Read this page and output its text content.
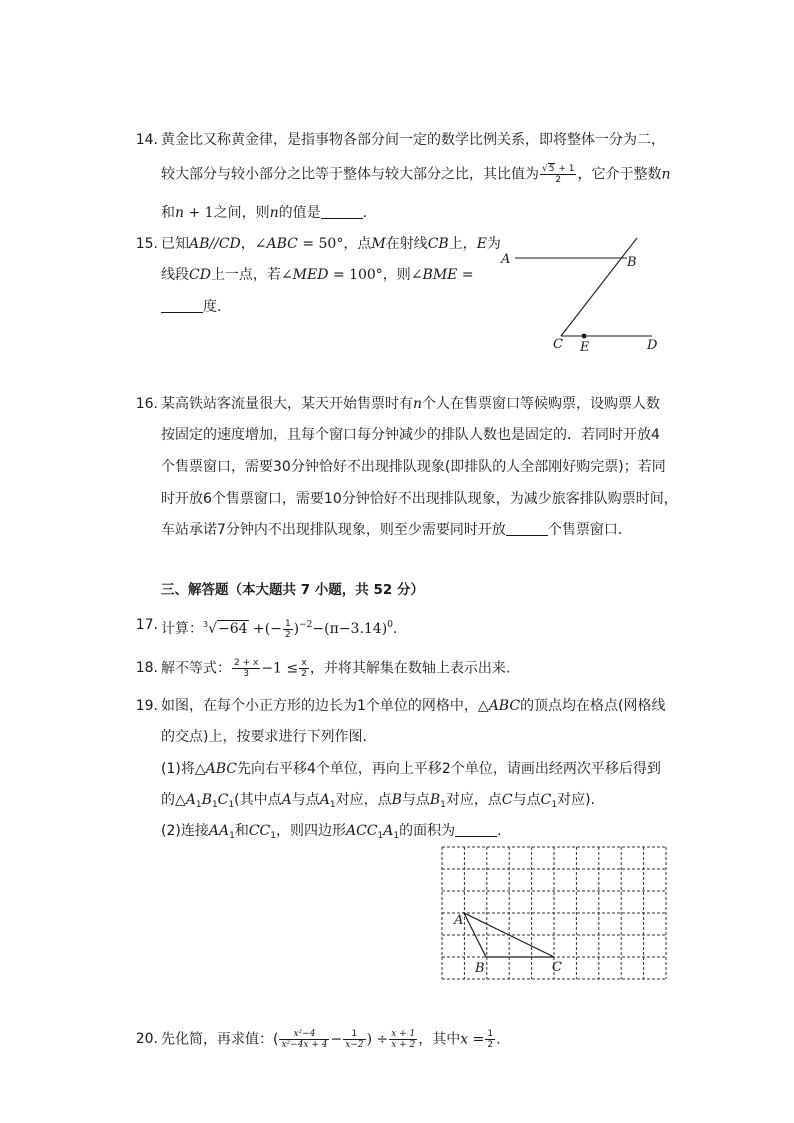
14. 黄金比又称黄金律，是指事物各部分间一定的数学比例关系，即将整体一分为二，
较大部分与较小部分之比等于整体与较大部分之比，其比值为 $\frac{√5 + 1}{2}$ ，它介于整数n
和n + 1之间，则n的值是	.
15. 已知AB//CD，∠ABC = 50°，点M在射线CB上，E为
线段CD上一点，若∠MED = 100°，则∠BME =
度.
A	B
C E	D
16. 某高铁站客流量很大，某天开始售票时有n个人在售票窗口等候购票，设购票人数
按固定的速度增加，且每个窗口每分钟减少的排队人数也是固定的．若同时开放4
个售票窗口，需要30分钟恰好不出现排队现象(即排队的人全部刚好购完票)；若同
时开放6个售票窗口，需要10分钟恰好不出现排队现象，为减少旅客排队购票时间，
车站承诺7分钟内不出现排队现象，则至少需要同时开放	个售票窗口.
三、解答题（本大题共 7 小题，共 52 分）
17. 计算：$^3$√−64 +(− $\frac{1}{2} )^{-2}-(\pi-3.14)^0$.
18. 解不等式： $\frac{2 + x}{3} -1 \le \frac{x}{2}$ ，并将其解集在数轴上表示出来.
19. 如图，在每个小正方形的边长为1个单位的网格中，△ABC的顶点均在格点(网格线
的交点)上，按要求进行下列作图.
(1)将△ABC先向右平移4个单位，再向上平移2个单位，请画出经两次平移后得到
的$\triangle A_1B_1C_1$(其中点A与点$A_1$对应，点B与点$B_1$对应，点C与点$C_1$对应).
(2)连接$AA_1$和$CC_1$，则四边形$ACC_1A_1$的面积为	.
A
B	C
20. 先化简，再求值：( $\frac{\text{x²−4}}{\text{x²−4x + 4}} - \frac{1}{x-2}$ ) ÷ $\frac{x + 1}{x + 2}$ ，其中$x = \frac{1}{2}$ .
